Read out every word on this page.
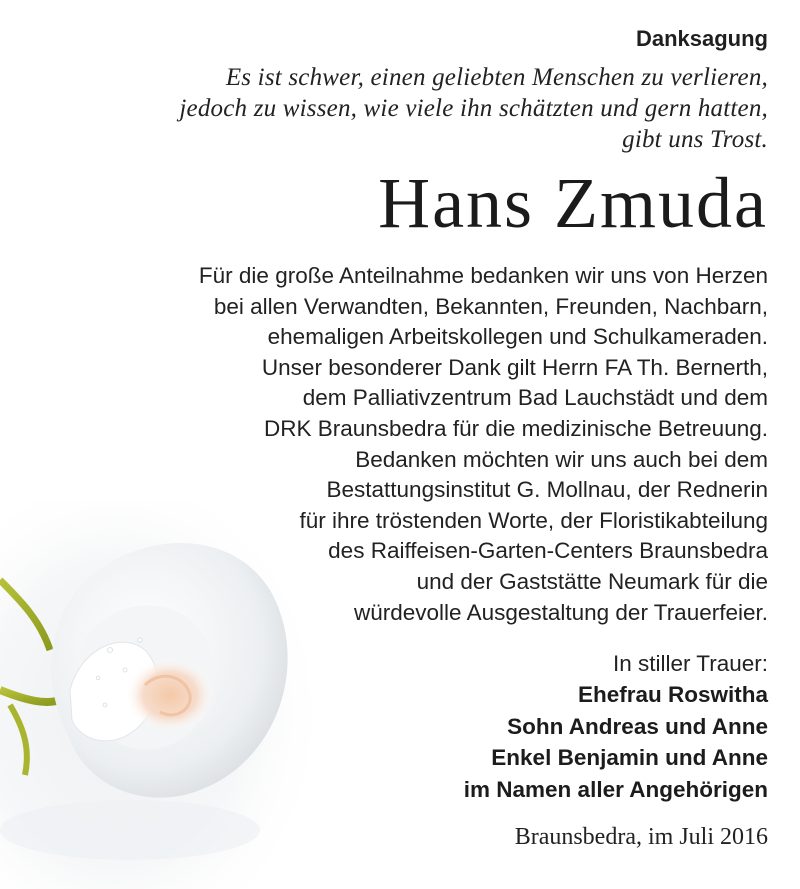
Danksagung
Es ist schwer, einen geliebten Menschen zu verlieren,
jedoch zu wissen, wie viele ihn schätzten und gern hatten,
gibt uns Trost.
Hans Zmuda
Für die große Anteilnahme bedanken wir uns von Herzen
bei allen Verwandten, Bekannten, Freunden, Nachbarn,
ehemaligen Arbeitskollegen und Schulkameraden.
Unser besonderer Dank gilt Herrn FA Th. Bernerth,
dem Palliativzentrum Bad Lauchstädt und dem
DRK Braunsbedra für die medizinische Betreuung.
Bedanken möchten wir uns auch bei dem
Bestattungsinstitut G. Mollnau, der Rednerin
für ihre tröstenden Worte, der Floristikabteilung
des Raiffeisen-Garten-Centers Braunsbedra
und der Gaststätte Neumark für die
würdevolle Ausgestaltung der Trauerfeier.
In stiller Trauer:
Ehefrau Roswitha
Sohn Andreas und Anne
Enkel Benjamin und Anne
im Namen aller Angehörigen
Braunsbedra, im Juli 2016
